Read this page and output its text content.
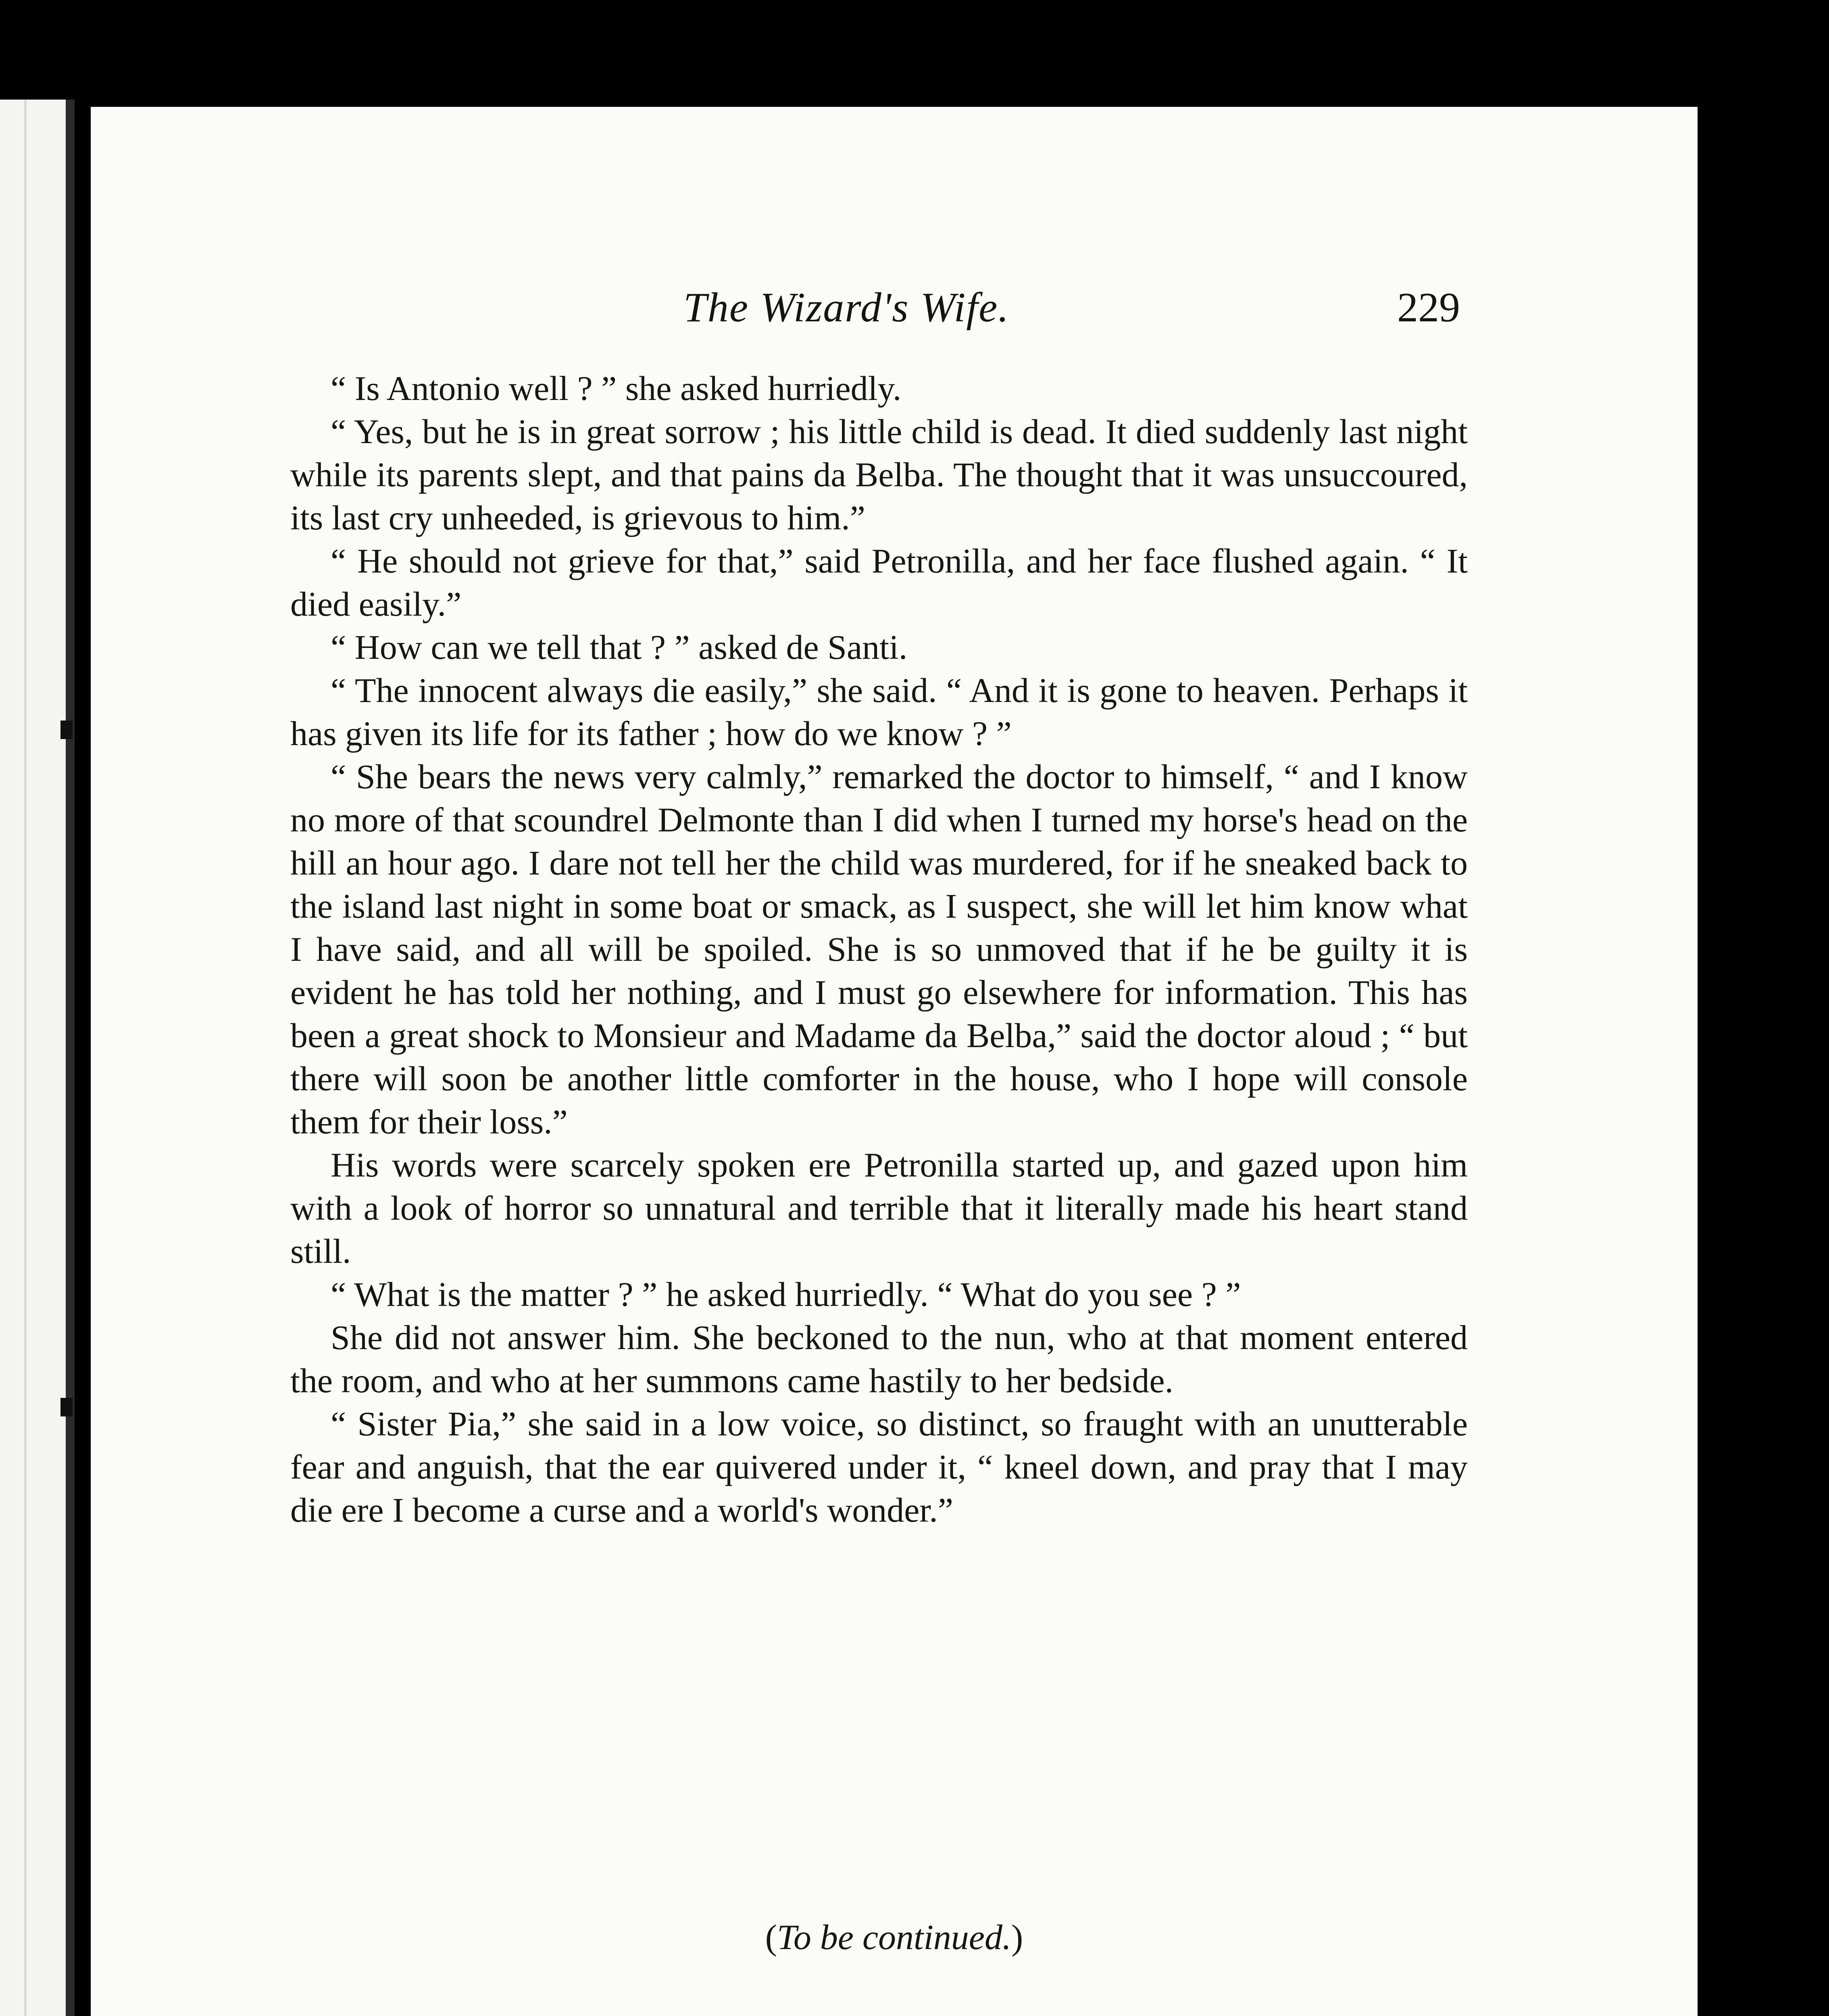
The Wizard's Wife.	229

“ Is Antonio well ? ” she asked hurriedly.

“ Yes, but he is in great sorrow ; his little child is dead. It died suddenly last night while its parents slept, and that pains da Belba. The thought that it was unsuccoured, its last cry unheeded, is grievous to him.”

“ He should not grieve for that,” said Petronilla, and her face flushed again. “ It died easily.”

“ How can we tell that ? ” asked de Santi.

“ The innocent always die easily,” she said. “ And it is gone to heaven. Perhaps it has given its life for its father ; how do we know ? ”

“ She bears the news very calmly,” remarked the doctor to himself, “ and I know no more of that scoundrel Delmonte than I did when I turned my horse's head on the hill an hour ago. I dare not tell her the child was murdered, for if he sneaked back to the island last night in some boat or smack, as I suspect, she will let him know what I have said, and all will be spoiled. She is so unmoved that if he be guilty it is evident he has told her nothing, and I must go elsewhere for information. This has been a great shock to Monsieur and Madame da Belba,” said the doctor aloud ; “ but there will soon be another little comforter in the house, who I hope will console them for their loss.”

His words were scarcely spoken ere Petronilla started up, and gazed upon him with a look of horror so unnatural and terrible that it literally made his heart stand still.

“ What is the matter ? ” he asked hurriedly. “ What do you see ? ”

She did not answer him. She beckoned to the nun, who at that moment entered the room, and who at her summons came hastily to her bedside.

“ Sister Pia,” she said in a low voice, so distinct, so fraught with an unutterable fear and anguish, that the ear quivered under it, “ kneel down, and pray that I may die ere I become a curse and a world's wonder.”

(To be continued.)
